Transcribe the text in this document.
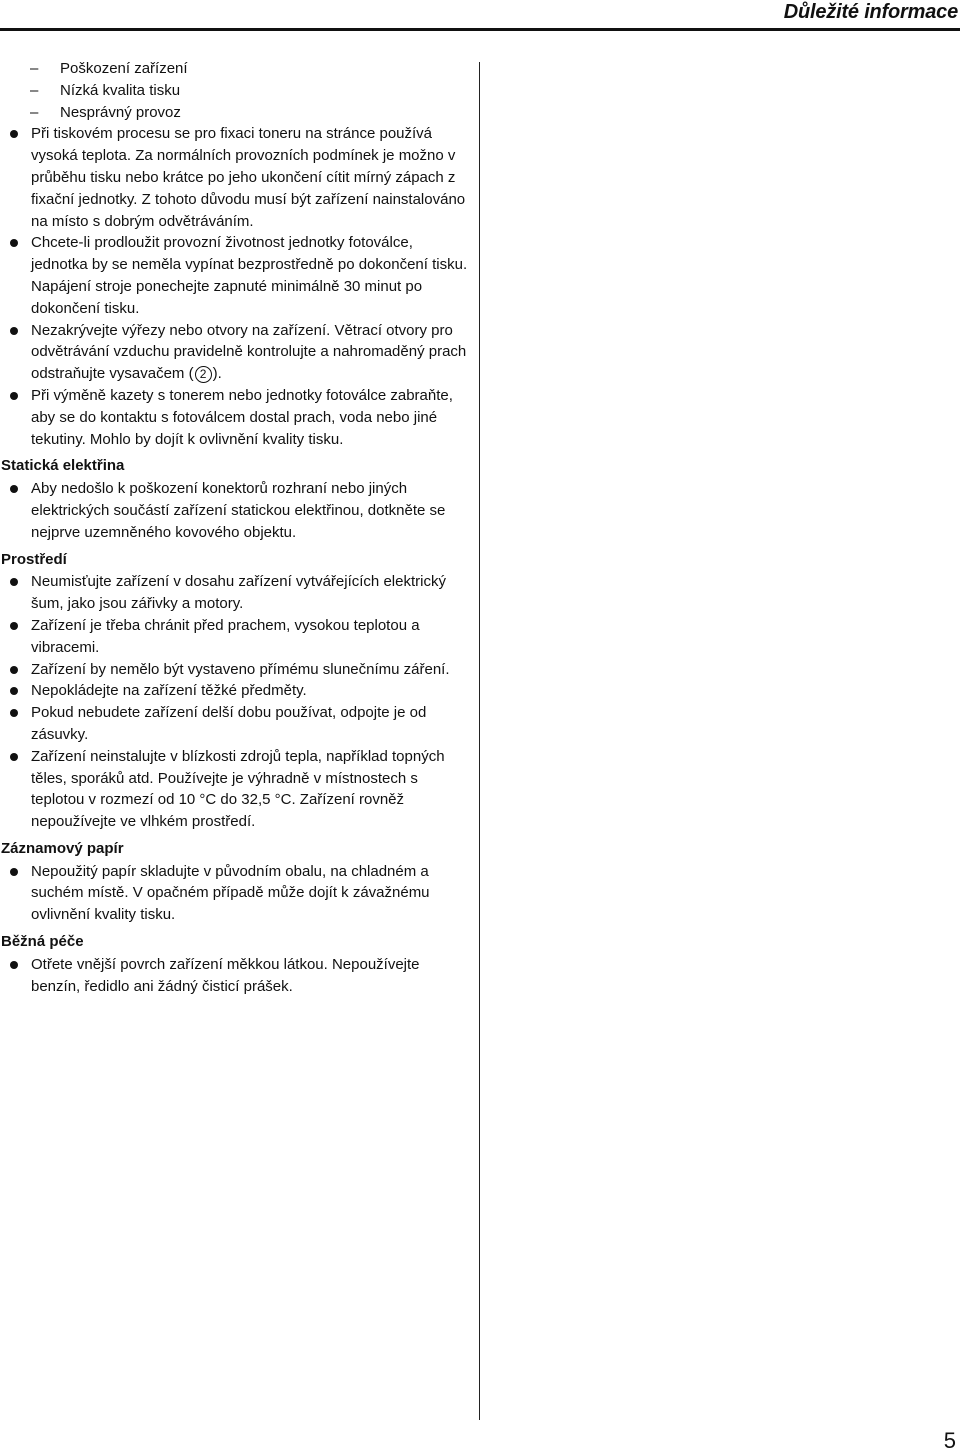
Důležité informace
– Poškození zařízení
– Nízká kvalita tisku
– Nesprávný provoz
Při tiskovém procesu se pro fixaci toneru na stránce používá vysoká teplota. Za normálních provozních podmínek je možno v průběhu tisku nebo krátce po jeho ukončení cítit mírný zápach z fixační jednotky. Z tohoto důvodu musí být zařízení nainstalováno na místo s dobrým odvětráváním.
Chcete-li prodloužit provozní životnost jednotky fotoválce, jednotka by se neměla vypínat bezprostředně po dokončení tisku. Napájení stroje ponechejte zapnuté minimálně 30 minut po dokončení tisku.
Nezakrývejte výřezy nebo otvory na zařízení. Větrací otvory pro odvětrávání vzduchu pravidelně kontrolujte a nahromaděný prach odstraňujte vysavačem ( 2 ).
Při výměně kazety s tonerem nebo jednotky fotoválce zabraňte, aby se do kontaktu s fotoválcem dostal prach, voda nebo jiné tekutiny. Mohlo by dojít k ovlivnění kvality tisku.
Statická elektřina
Aby nedošlo k poškození konektorů rozhraní nebo jiných elektrických součástí zařízení statickou elektřinou, dotkněte se nejprve uzemněného kovového objektu.
Prostředí
Neumisťujte zařízení v dosahu zařízení vytvářejících elektrický šum, jako jsou zářivky a motory.
Zařízení je třeba chránit před prachem, vysokou teplotou a vibracemi.
Zařízení by nemělo být vystaveno přímému slunečnímu záření.
Nepokládejte na zařízení těžké předměty.
Pokud nebudete zařízení delší dobu používat, odpojte je od zásuvky.
Zařízení neinstalujte v blízkosti zdrojů tepla, například topných těles, sporáků atd. Používejte je výhradně v místnostech s teplotou v rozmezí od 10 °C do 32,5 °C. Zařízení rovněž nepoužívejte ve vlhkém prostředí.
Záznamový papír
Nepoužitý papír skladujte v původním obalu, na chladném a suchém místě. V opačném případě může dojít k závažnému ovlivnění kvality tisku.
Běžná péče
Otřete vnější povrch zařízení měkkou látkou. Nepoužívejte benzín, ředidlo ani žádný čisticí prášek.
5
